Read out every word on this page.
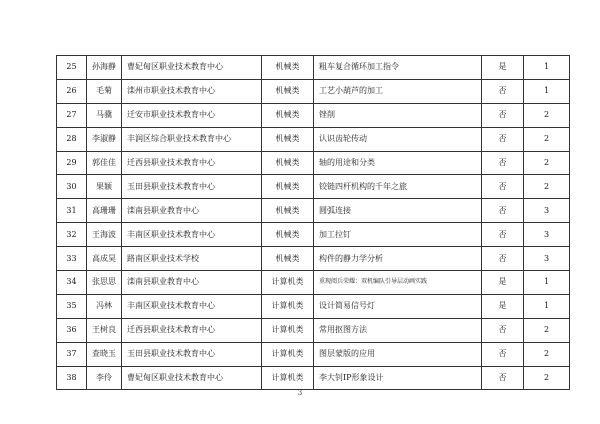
25	孙海静	曹妃甸区职业技术教育中心	机械类	粗车复合循环加工指令	是	1
26	毛菊	滦州市职业技术教育中心	机械类	工艺小葫芦的加工	否	1
27	马骥	迁安市职业技术教育中心	机械类	锉削	否	2
28	李淑静	丰润区综合职业技术教育中心	机械类	认识齿轮传动	否	2
29	郭佳佳	迁西县职业技术教育中心	机械类	轴的用途和分类	否	2
30	果颖	玉田县职业技术教育中心	机械类	铰链四杆机构的千年之旅	否	2
31	高珊珊	滦南县职业教育中心	机械类	圆弧连接	否	3
32	王海波	丰南区职业技术教育中心	机械类	加工拉钉	否	3
33	高成昊	路南区职业技术学校	机械类	构件的静力学分析	否	3
34	张思思	滦南县职业教育中心	计算机类	重现阅兵荣耀：双机编队引导层动画实践	是	1
35	冯林	丰南区职业技术教育中心	计算机类	设计简易信号灯	是	1
36	王树良	迁西县职业技术教育中心	计算机类	常用抠图方法	否	2
37	查晓玉	玉田县职业技术教育中心	计算机类	图层蒙版的应用	否	2
38	李伶	曹妃甸区职业技术教育中心	计算机类	李大钊IP形象设计	否	2
3
